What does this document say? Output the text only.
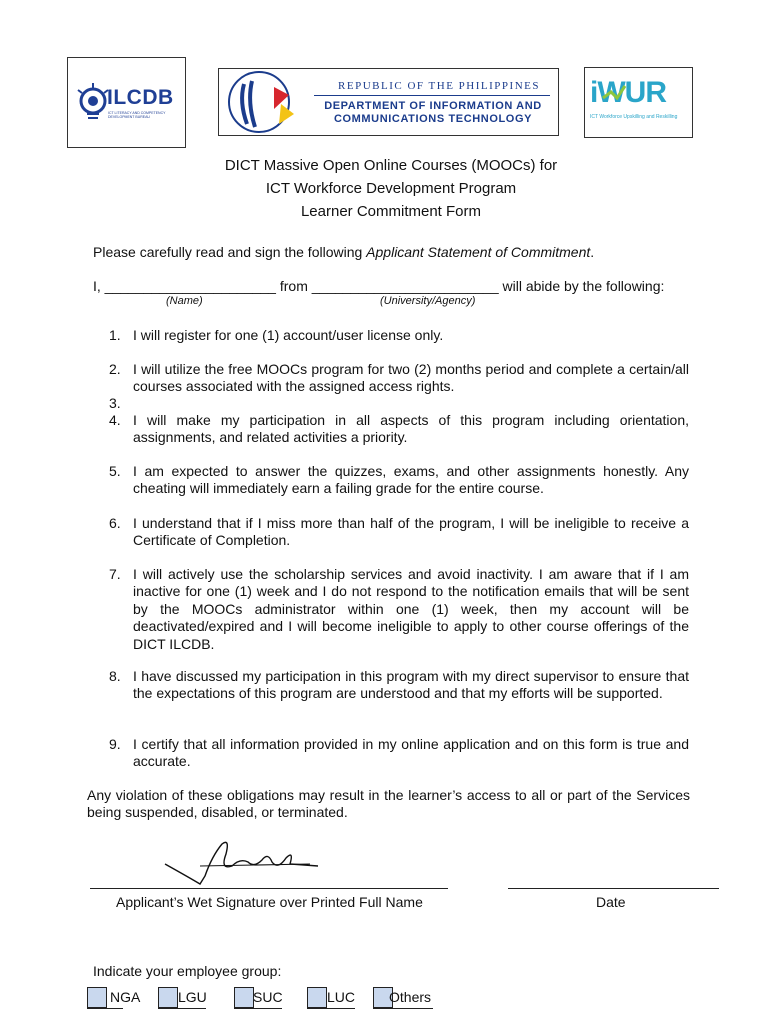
ILCDB
ICT LITERACY AND COMPETENCY DEVELOPMENT BUREAU
REPUBLIC OF THE PHILIPPINES
DEPARTMENT OF INFORMATION AND
COMMUNICATIONS TECHNOLOGY
iWUR
ICT Workforce Upskilling and Reskilling
DICT Massive Open Online Courses (MOOCs) for
ICT Workforce Development Program
Learner Commitment Form
Please carefully read and sign the following Applicant Statement of Commitment.
I, ______________________ from ________________________ will abide by the following:
(Name)	(University/Agency)
1. I will register for one (1) account/user license only.
2. I will utilize the free MOOCs program for two (2) months period and complete a certain/all courses associated with the assigned access rights.
3.
4. I will make my participation in all aspects of this program including orientation, assignments, and related activities a priority.
5. I am expected to answer the quizzes, exams, and other assignments honestly. Any cheating will immediately earn a failing grade for the entire course.
6. I understand that if I miss more than half of the program, I will be ineligible to receive a Certificate of Completion.
7. I will actively use the scholarship services and avoid inactivity. I am aware that if I am inactive for one (1) week and I do not respond to the notification emails that will be sent by the MOOCs administrator within one (1) week, then my account will be deactivated/expired and I will become ineligible to apply to other course offerings of the DICT ILCDB.
8. I have discussed my participation in this program with my direct supervisor to ensure that the expectations of this program are understood and that my efforts will be supported.
9. I certify that all information provided in my online application and on this form is true and accurate.
Any violation of these obligations may result in the learner’s access to all or part of the Services being suspended, disabled, or terminated.
Applicant’s Wet Signature over Printed Full Name	Date
Indicate your employee group:
NGA	LGU	SUC	LUC Others
